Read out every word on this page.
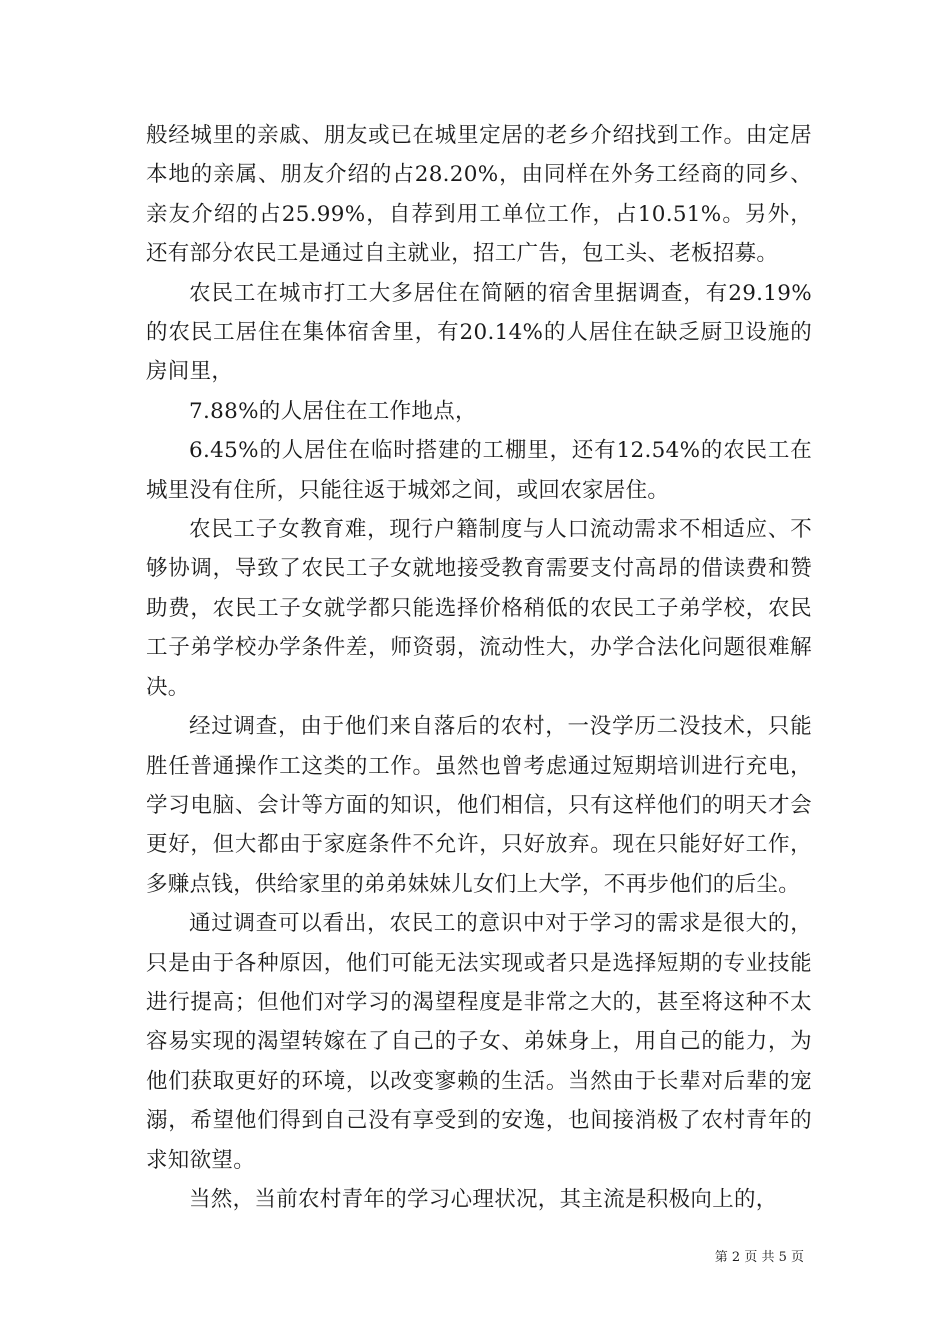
般经城里的亲戚、朋友或已在城里定居的老乡介绍找到工作。由定居本地的亲属、朋友介绍的占28.20%，由同样在外务工经商的同乡、亲友介绍的占25.99%，自荐到用工单位工作，占10.51%。另外，还有部分农民工是通过自主就业，招工广告，包工头、老板招募。

农民工在城市打工大多居住在简陋的宿舍里据调查，有29.19%的农民工居住在集体宿舍里，有20.14%的人居住在缺乏厨卫设施的房间里，

7.88%的人居住在工作地点，

6.45%的人居住在临时搭建的工棚里，还有12.54%的农民工在城里没有住所，只能往返于城郊之间，或回农家居住。

农民工子女教育难，现行户籍制度与人口流动需求不相适应、不够协调，导致了农民工子女就地接受教育需要支付高昂的借读费和赞助费，农民工子女就学都只能选择价格稍低的农民工子弟学校，农民工子弟学校办学条件差，师资弱，流动性大，办学合法化问题很难解决。

经过调查，由于他们来自落后的农村，一没学历二没技术，只能胜任普通操作工这类的工作。虽然也曾考虑通过短期培训进行充电，学习电脑、会计等方面的知识，他们相信，只有这样他们的明天才会更好，但大都由于家庭条件不允许，只好放弃。现在只能好好工作，多赚点钱，供给家里的弟弟妹妹儿女们上大学，不再步他们的后尘。

通过调查可以看出，农民工的意识中对于学习的需求是很大的，只是由于各种原因，他们可能无法实现或者只是选择短期的专业技能进行提高；但他们对学习的渴望程度是非常之大的，甚至将这种不太容易实现的渴望转嫁在了自己的子女、弟妹身上，用自己的能力，为他们获取更好的环境，以改变寥赖的生活。当然由于长辈对后辈的宠溺，希望他们得到自己没有享受到的安逸，也间接消极了农村青年的求知欲望。

当然，当前农村青年的学习心理状况，其主流是积极向上的，

第 2 页 共 5 页
